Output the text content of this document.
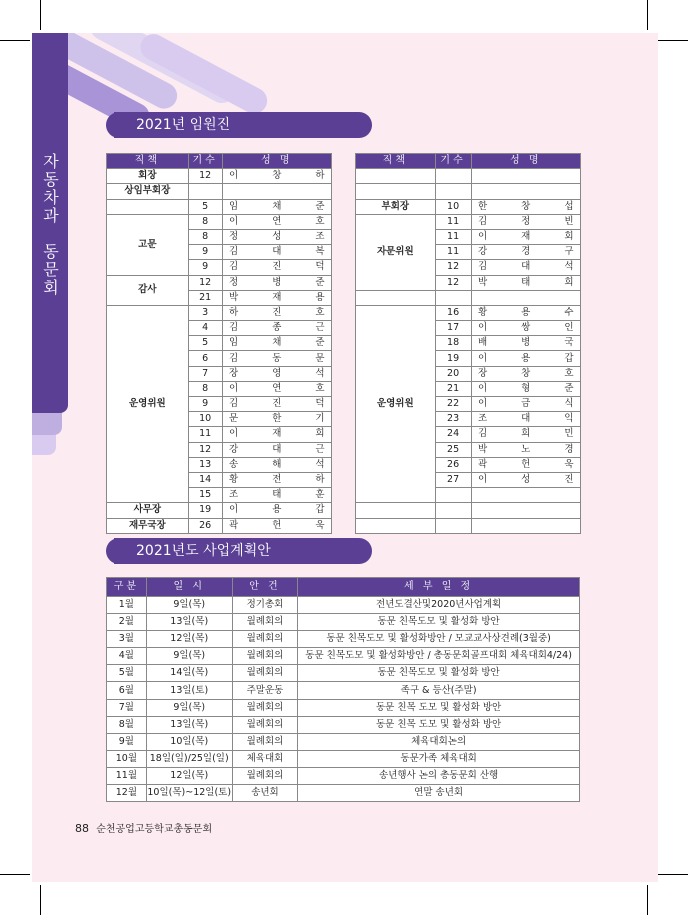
자
동
차
과

동
문
회
2021년 임원진
직책	기수	성 명
회장	12	이 창 하

상임부회장		

	5	임 채 준

고문	8	이 연 호

	8	정 성 조

	9	김 대 복

	9	김 진 덕

감사	12	정 병 준

	21	박 재 용

운영위원	3	하 진 호

	4	김 종 근

	5	임 채 준

	6	김 동 문

	7	장 영 석

	8	이 연 호

	9	김 진 덕

	10	문 한 기

	11	이 재 희

	12	강 대 근

	13	송 해 석

	14	황 전 하

	15	조 태 훈

사무장	19	이 용 갑

재무국장	26	곽 헌 욱
직책	기수	성 명

부회장	10	한 창 섭

자문위원	11	김 정 빈

	11	이 재 회

	11	강 경 구

	12	김 대 석

	12	박 태 희

운영위원	16	황 용 수

	17	이 쌍 인

	18	배 병 국

	19	이 용 갑

	20	장 창 호

	21	이 형 준

	22	이 금 식

	23	조 대 익

	24	김 희 민

	25	박 노 경

	26	곽 헌 욱

	27	이 성 진

2021년도 사업계획안
구분	일 시	안 건	세 부 일 정
1월	9일(목)	정기총회	전년도결산및2020년사업계획
2월	13일(목)	월례회의	동문 친목도모 및 활성화 방안
3월	12일(목)	월례회의	동문 친목도모 및 활성화방안 / 모교교사상견례(3월중)
4월	9일(목)	월례회의	동문 친목도모 및 활성화방안 / 총동문회골프대회 체육대회4/24)
5월	14일(목)	월례회의	동문 친목도모 및 활성화 방안
6월	13일(토)	주말운동	족구 & 등산(주말)
7월	9일(목)	월례회의	동문 친목 도모 및 활성화 방안
8월	13일(목)	월례회의	동문 친목 도모 및 활성화 방안
9월	10일(목)	월례회의	체육대회논의
10월	18일(일)/25일(일)	체육대회	동문가족 체육대회
11월	12일(목)	월례회의	송년행사 논의 총동문회 산행
12월	10일(목)~12일(토)	송년회	연말 송년회
88 순천공업고등학교총동문회
